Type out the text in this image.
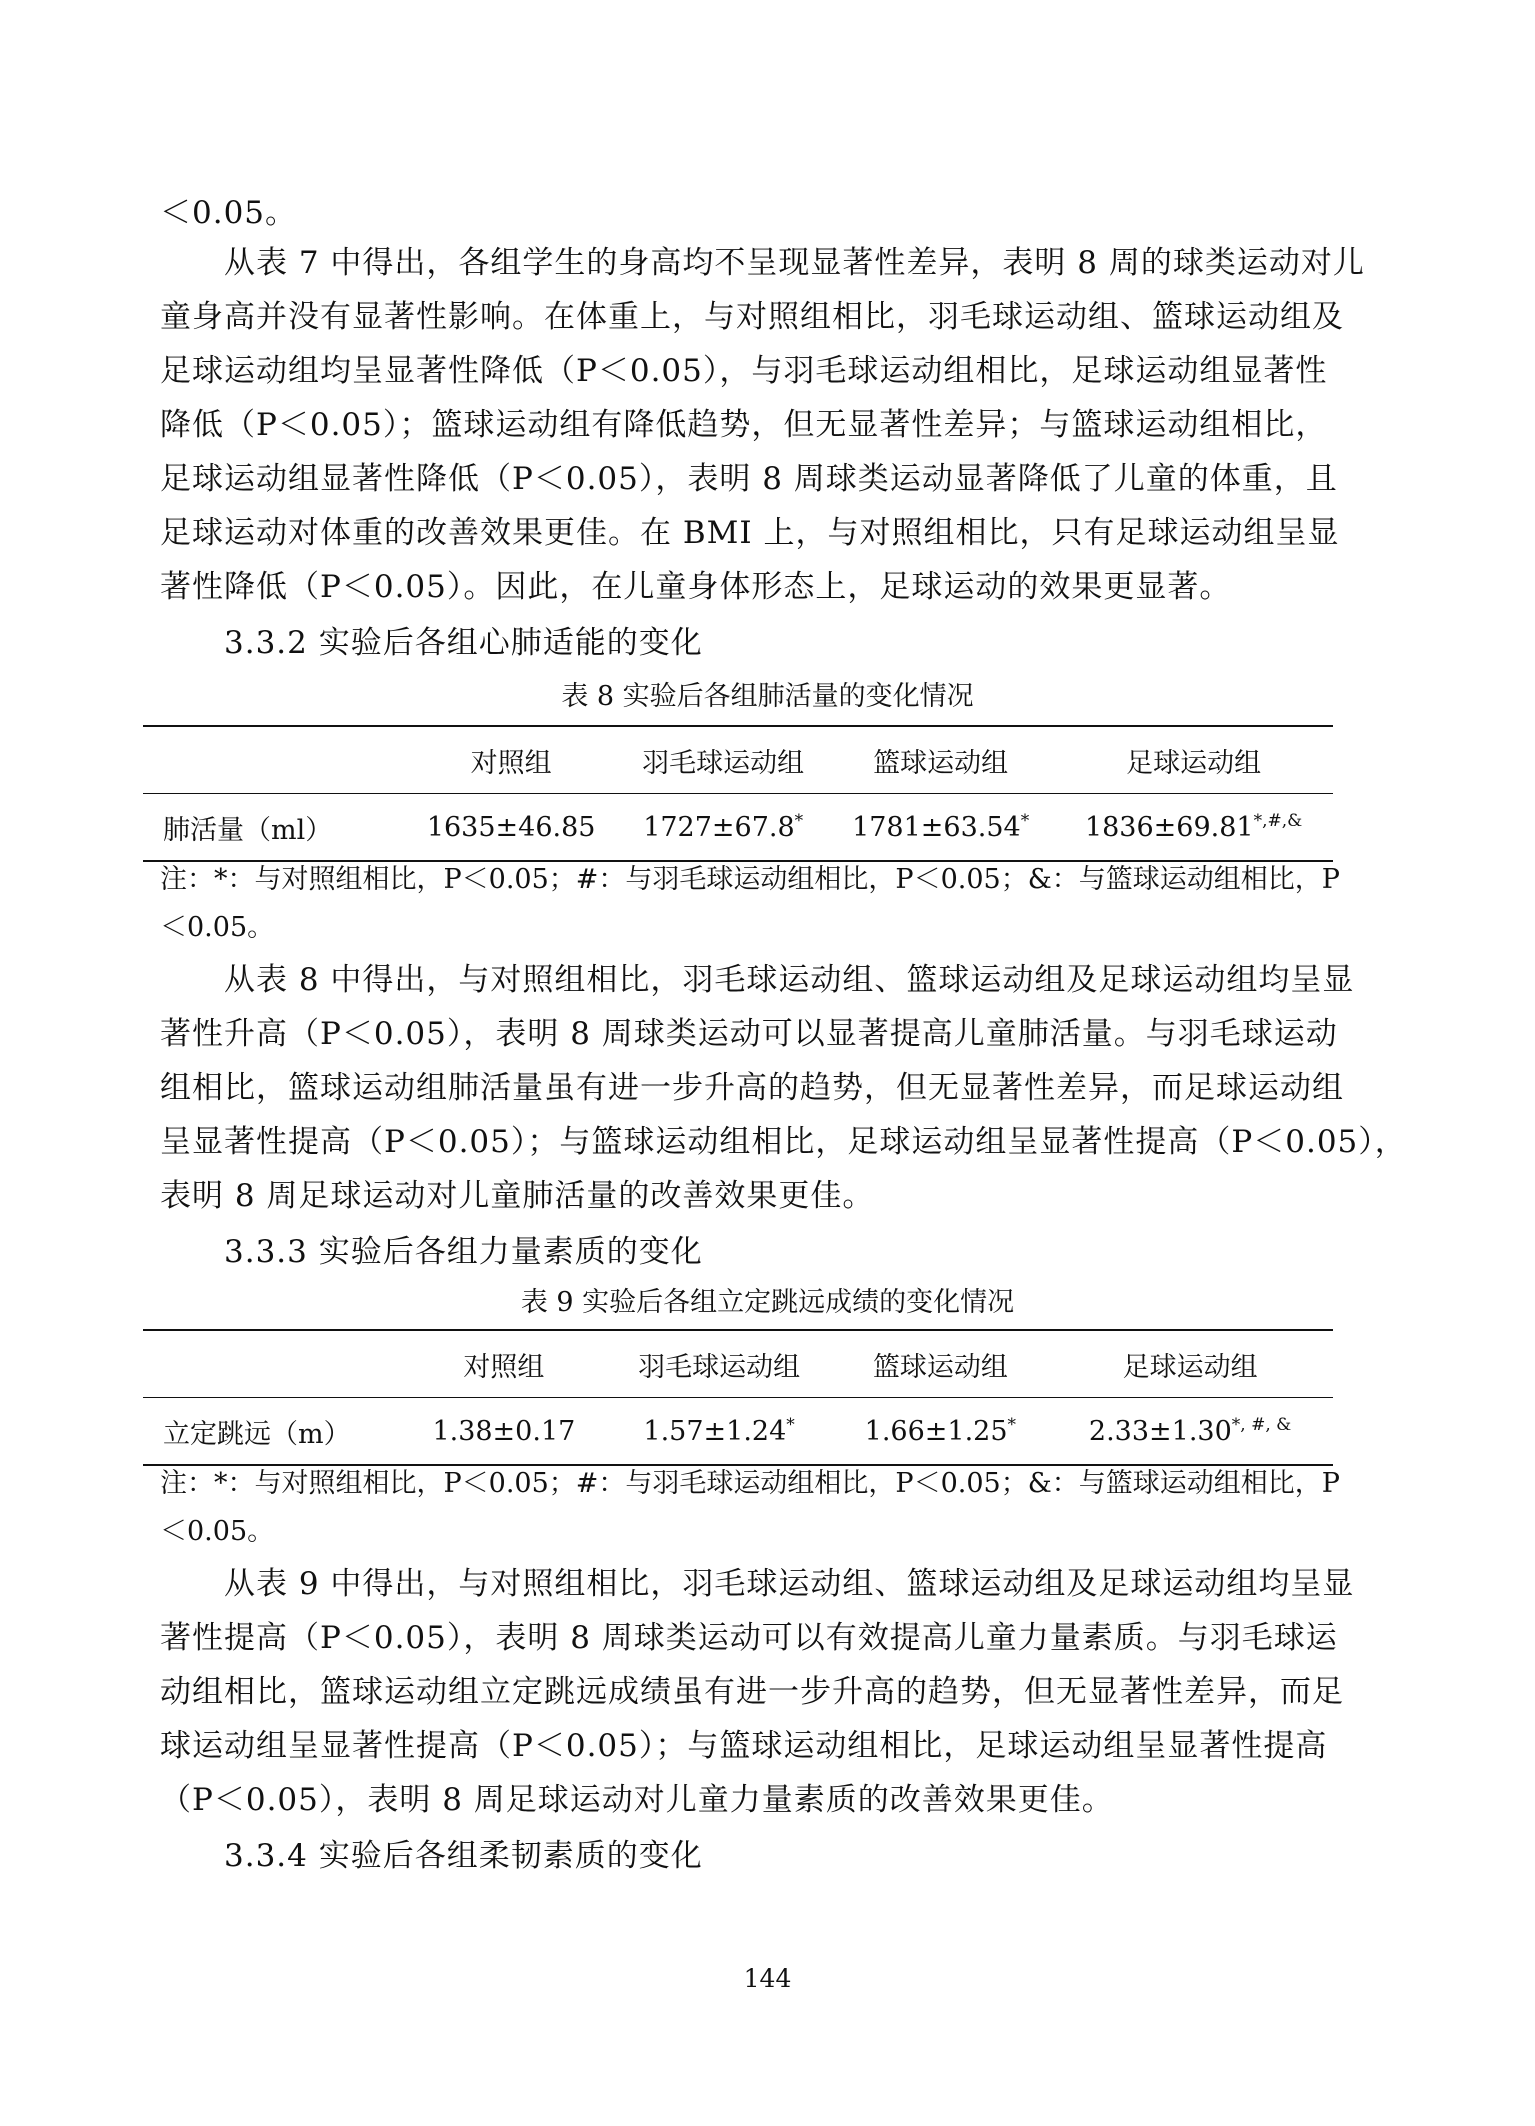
＜0.05。
从表 7 中得出，各组学生的身高均不呈现显著性差异，表明 8 周的球类运动对儿
童身高并没有显著性影响。在体重上，与对照组相比，羽毛球运动组、篮球运动组及
足球运动组均呈显著性降低（P＜0.05），与羽毛球运动组相比，足球运动组显著性
降低（P＜0.05）；篮球运动组有降低趋势，但无显著性差异；与篮球运动组相比，
足球运动组显著性降低（P＜0.05），表明 8 周球类运动显著降低了儿童的体重，且
足球运动对体重的改善效果更佳。在 BMI 上，与对照组相比，只有足球运动组呈显
著性降低（P＜0.05）。因此，在儿童身体形态上，足球运动的效果更显著。
3.3.2 实验后各组心肺适能的变化
表 8 实验后各组肺活量的变化情况
	对照组	羽毛球运动组	篮球运动组	足球运动组
肺活量（ml）	1635±46.85	1727±67.8*	1781±63.54*	1836±69.81*,#,&
注：*：与对照组相比，P＜0.05；#：与羽毛球运动组相比，P＜0.05；&：与篮球运动组相比，P
＜0.05。
从表 8 中得出，与对照组相比，羽毛球运动组、篮球运动组及足球运动组均呈显
著性升高（P＜0.05），表明 8 周球类运动可以显著提高儿童肺活量。与羽毛球运动
组相比，篮球运动组肺活量虽有进一步升高的趋势，但无显著性差异，而足球运动组
呈显著性提高（P＜0.05）；与篮球运动组相比，足球运动组呈显著性提高（P＜0.05），
表明 8 周足球运动对儿童肺活量的改善效果更佳。
3.3.3 实验后各组力量素质的变化
表 9 实验后各组立定跳远成绩的变化情况
	对照组	羽毛球运动组	篮球运动组	足球运动组
立定跳远（m）	1.38±0.17	1.57±1.24*	1.66±1.25*	2.33±1.30*, #, &
注：*：与对照组相比，P＜0.05；#：与羽毛球运动组相比，P＜0.05；&：与篮球运动组相比，P
＜0.05。
从表 9 中得出，与对照组相比，羽毛球运动组、篮球运动组及足球运动组均呈显
著性提高（P＜0.05），表明 8 周球类运动可以有效提高儿童力量素质。与羽毛球运
动组相比，篮球运动组立定跳远成绩虽有进一步升高的趋势，但无显著性差异，而足
球运动组呈显著性提高（P＜0.05）；与篮球运动组相比，足球运动组呈显著性提高
（P＜0.05），表明 8 周足球运动对儿童力量素质的改善效果更佳。
3.3.4 实验后各组柔韧素质的变化
144
